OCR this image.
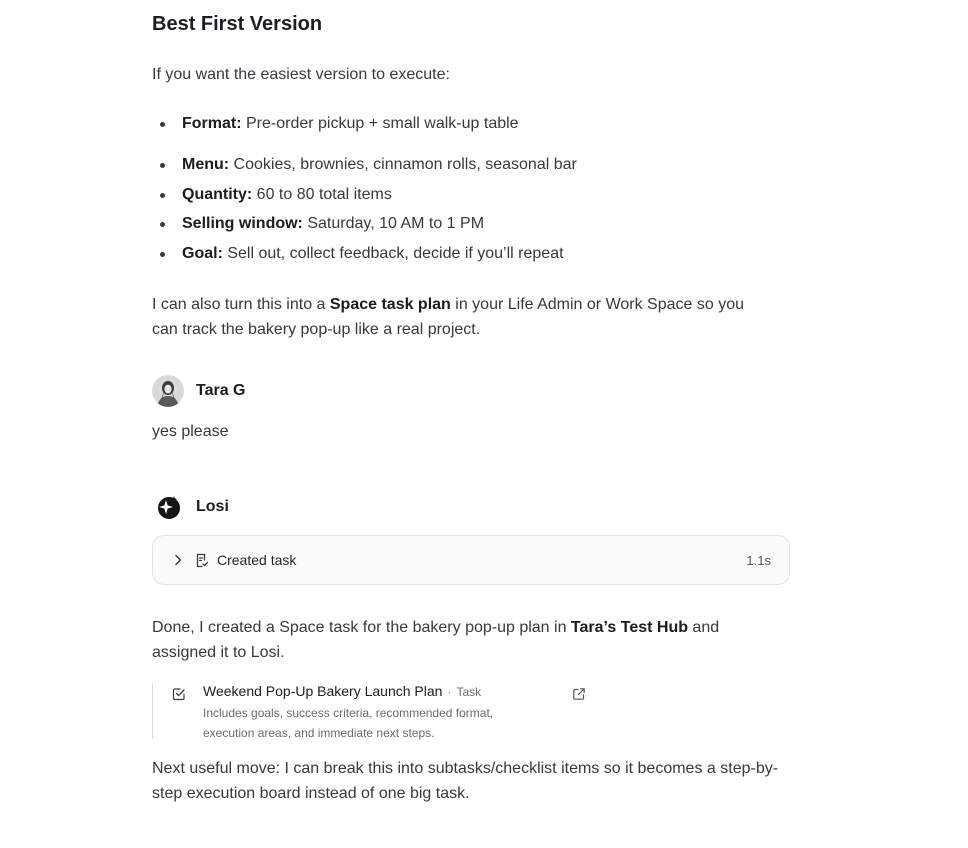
Best First Version

If you want the easiest version to execute:

Format: Pre-order pickup + small walk-up table
Menu: Cookies, brownies, cinnamon rolls, seasonal bar
Quantity: 60 to 80 total items
Selling window: Saturday, 10 AM to 1 PM
Goal: Sell out, collect feedback, decide if you’ll repeat

I can also turn this into a Space task plan in your Life Admin or Work Space so you can track the bakery pop-up like a real project.

Tara G

yes please

Losi
Created task	1.1s

Done, I created a Space task for the bakery pop-up plan in Tara’s Test Hub and assigned it to Losi.

Weekend Pop-Up Bakery Launch Plan · Task
Includes goals, success criteria, recommended format, execution areas, and immediate next steps.

Next useful move: I can break this into subtasks/checklist items so it becomes a step-by-step execution board instead of one big task.
